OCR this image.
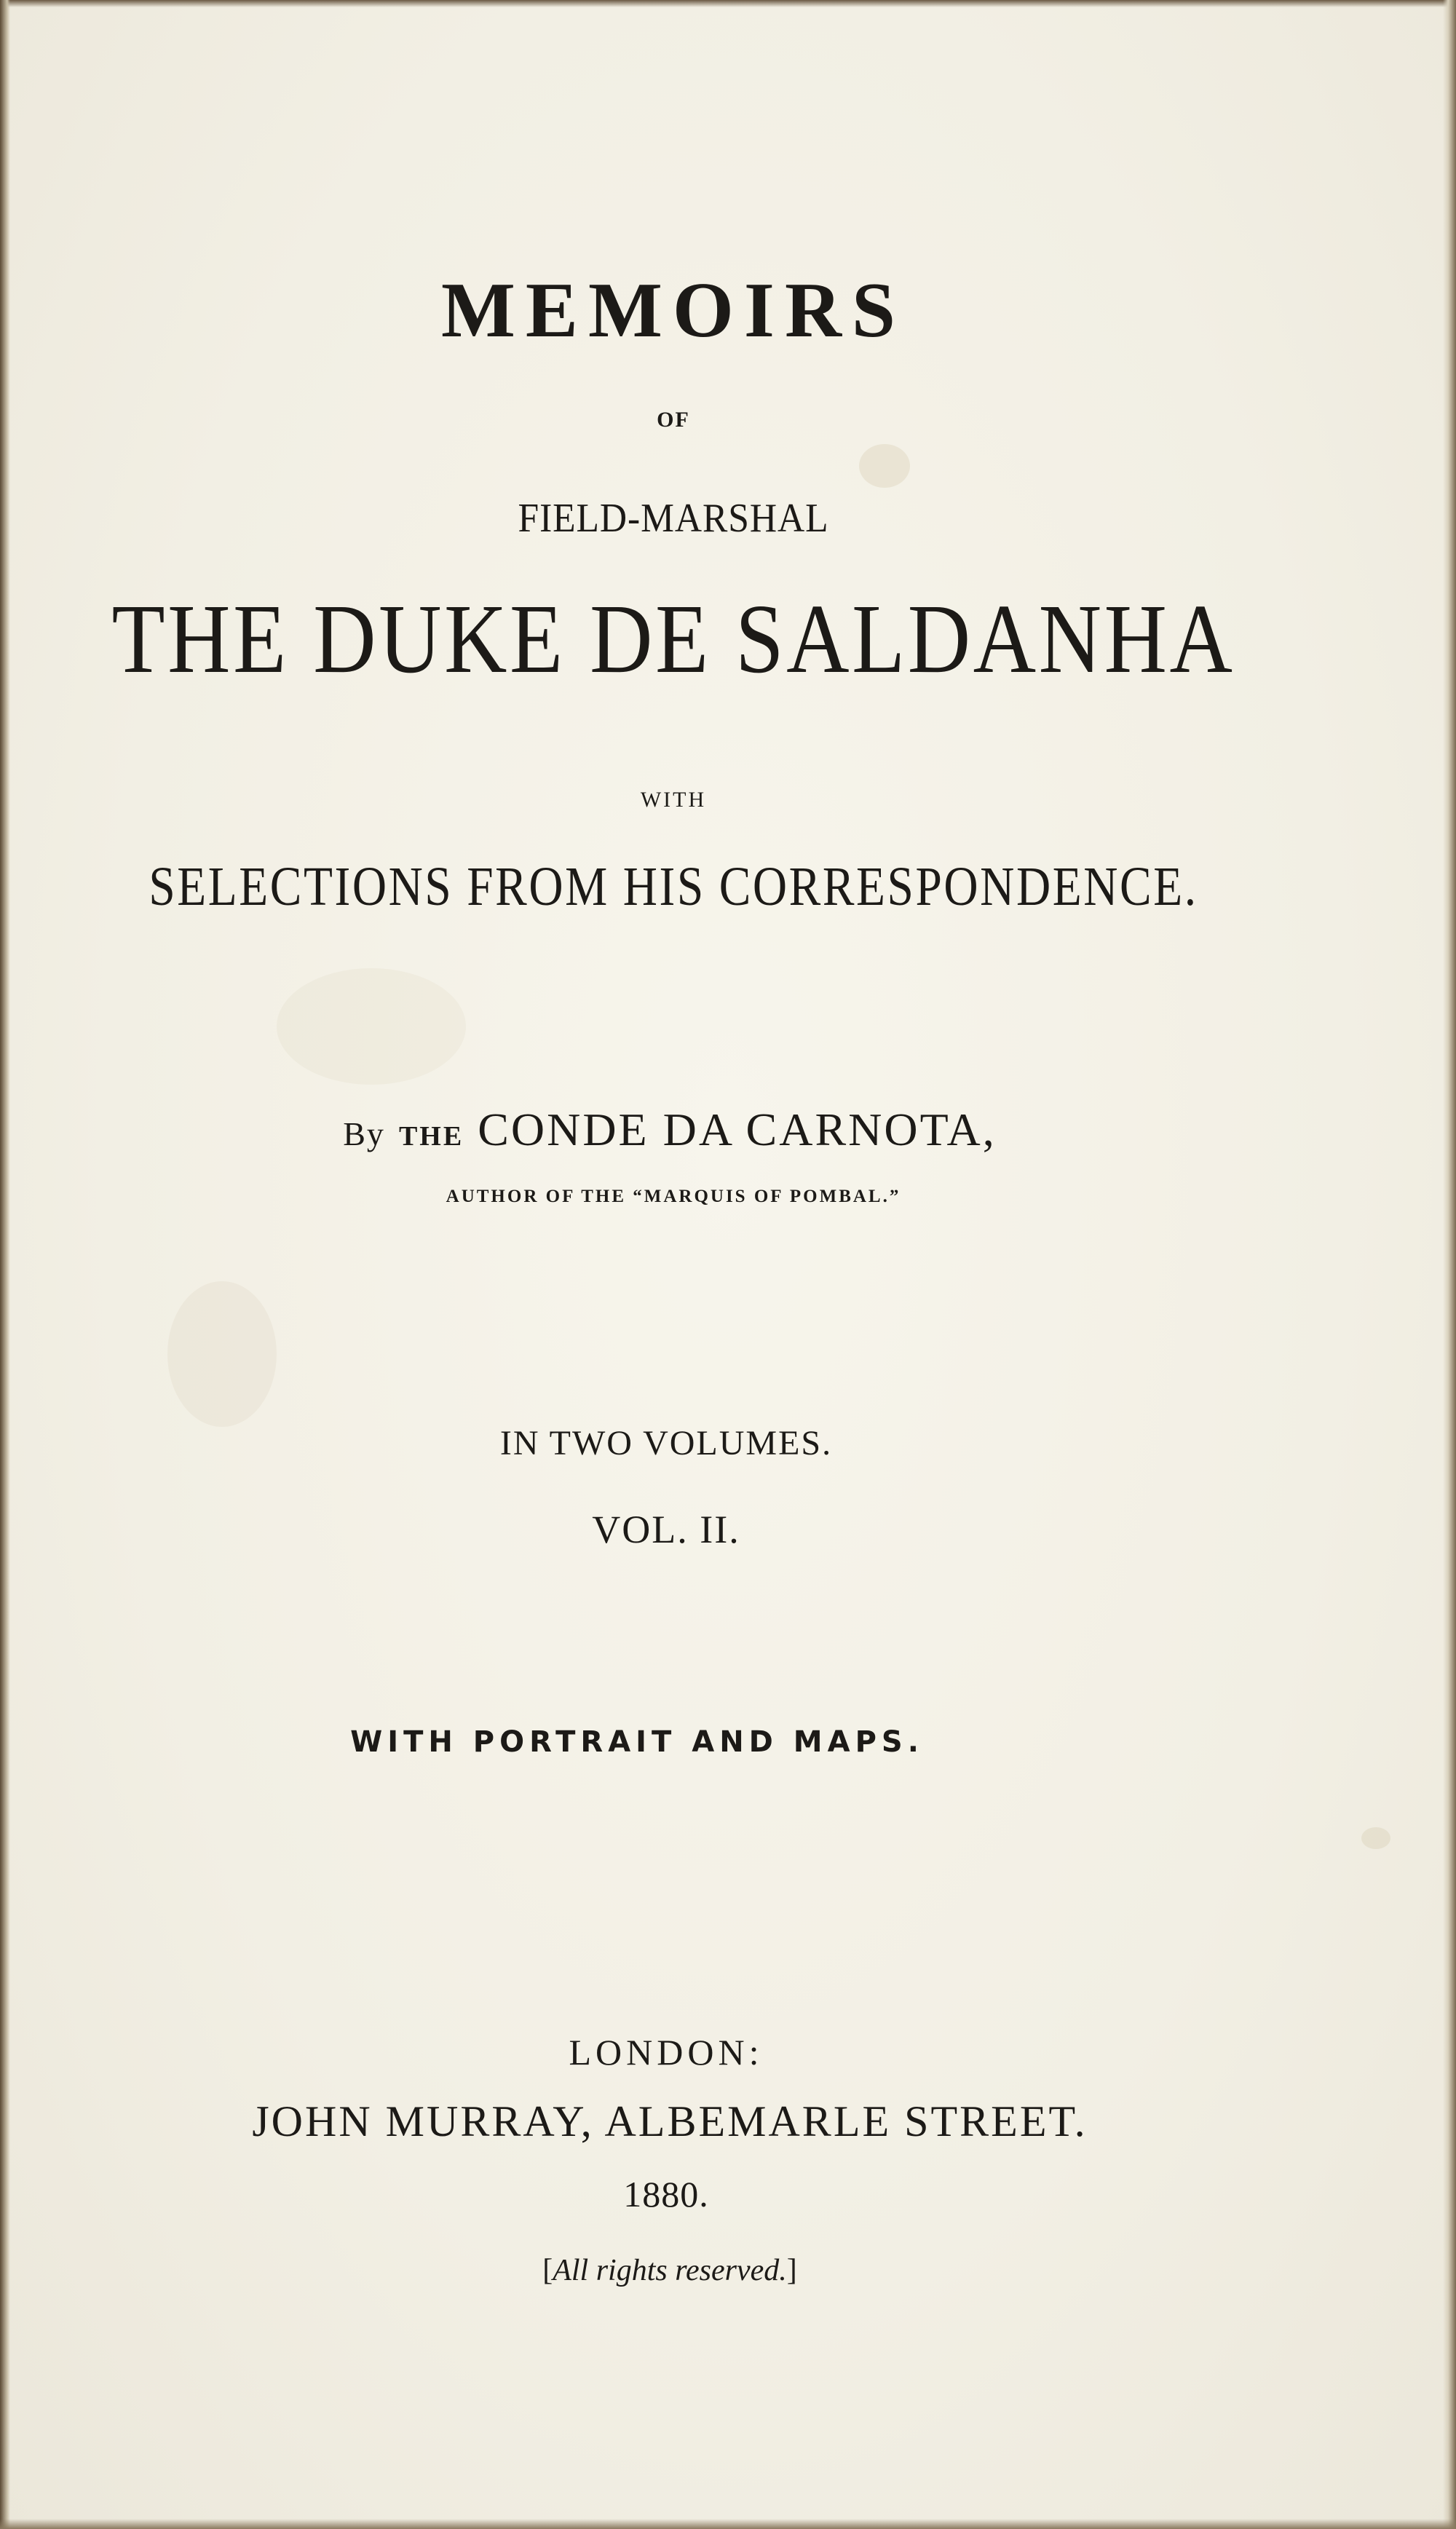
MEMOIRS
OF
FIELD-MARSHAL
THE DUKE DE SALDANHA
WITH
SELECTIONS FROM HIS CORRESPONDENCE.
By THE CONDE DA CARNOTA,
AUTHOR OF THE “MARQUIS OF POMBAL.”
IN TWO VOLUMES.
VOL. II.
WITH PORTRAIT AND MAPS.
LONDON:
JOHN MURRAY, ALBEMARLE STREET.
1880.
[All rights reserved.]
